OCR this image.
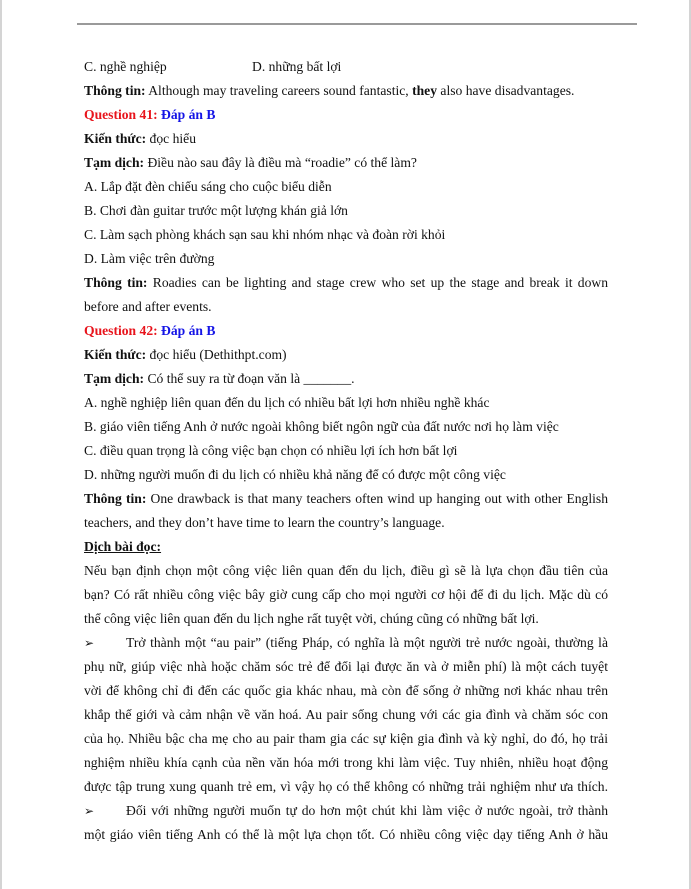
C. nghề nghiệp	D. những bất lợi
Thông tin: Although may traveling careers sound fantastic, they also have disadvantages.
Question 41: Đáp án B
Kiến thức: đọc hiểu
Tạm dịch: Điều nào sau đây là điều mà “roadie” có thể làm?
A. Lắp đặt đèn chiếu sáng cho cuộc biểu diễn
B. Chơi đàn guitar trước một lượng khán giả lớn
C. Làm sạch phòng khách sạn sau khi nhóm nhạc và đoàn rời khỏi
D. Làm việc trên đường
Thông tin: Roadies can be lighting and stage crew who set up the stage and break it down
before and after events.
Question 42: Đáp án B
Kiến thức: đọc hiểu (Dethithpt.com)
Tạm dịch: Có thể suy ra từ đoạn văn là _______.
A. nghề nghiệp liên quan đến du lịch có nhiều bất lợi hơn nhiều nghề khác
B. giáo viên tiếng Anh ở nước ngoài không biết ngôn ngữ của đất nước nơi họ làm việc
C. điều quan trọng là công việc bạn chọn có nhiều lợi ích hơn bất lợi
D. những người muốn đi du lịch có nhiều khả năng để có được một công việc
Thông tin: One drawback is that many teachers often wind up hanging out with other English
teachers, and they don’t have time to learn the country’s language.
Dịch bài đọc:
Nếu bạn định chọn một công việc liên quan đến du lịch, điều gì sẽ là lựa chọn đầu tiên của
bạn? Có rất nhiều công việc bây giờ cung cấp cho mọi người cơ hội để đi du lịch. Mặc dù có
thể công việc liên quan đến du lịch nghe rất tuyệt vời, chúng cũng có những bất lợi.
➢ Trở thành một “au pair” (tiếng Pháp, có nghĩa là một người trẻ nước ngoài, thường là
phụ nữ, giúp việc nhà hoặc chăm sóc trẻ để đổi lại được ăn và ở miễn phí) là một cách tuyệt
vời để không chỉ đi đến các quốc gia khác nhau, mà còn để sống ở những nơi khác nhau trên
khắp thế giới và cảm nhận về văn hoá. Au pair sống chung với các gia đình và chăm sóc con
của họ. Nhiều bậc cha mẹ cho au pair tham gia các sự kiện gia đình và kỳ nghỉ, do đó, họ trải
nghiệm nhiều khía cạnh của nền văn hóa mới trong khi làm việc. Tuy nhiên, nhiều hoạt động
được tập trung xung quanh trẻ em, vì vậy họ có thể không có những trải nghiệm như ưa thích.
➢ Đối với những người muốn tự do hơn một chút khi làm việc ở nước ngoài, trở thành
một giáo viên tiếng Anh có thể là một lựa chọn tốt. Có nhiều công việc dạy tiếng Anh ở hầu
